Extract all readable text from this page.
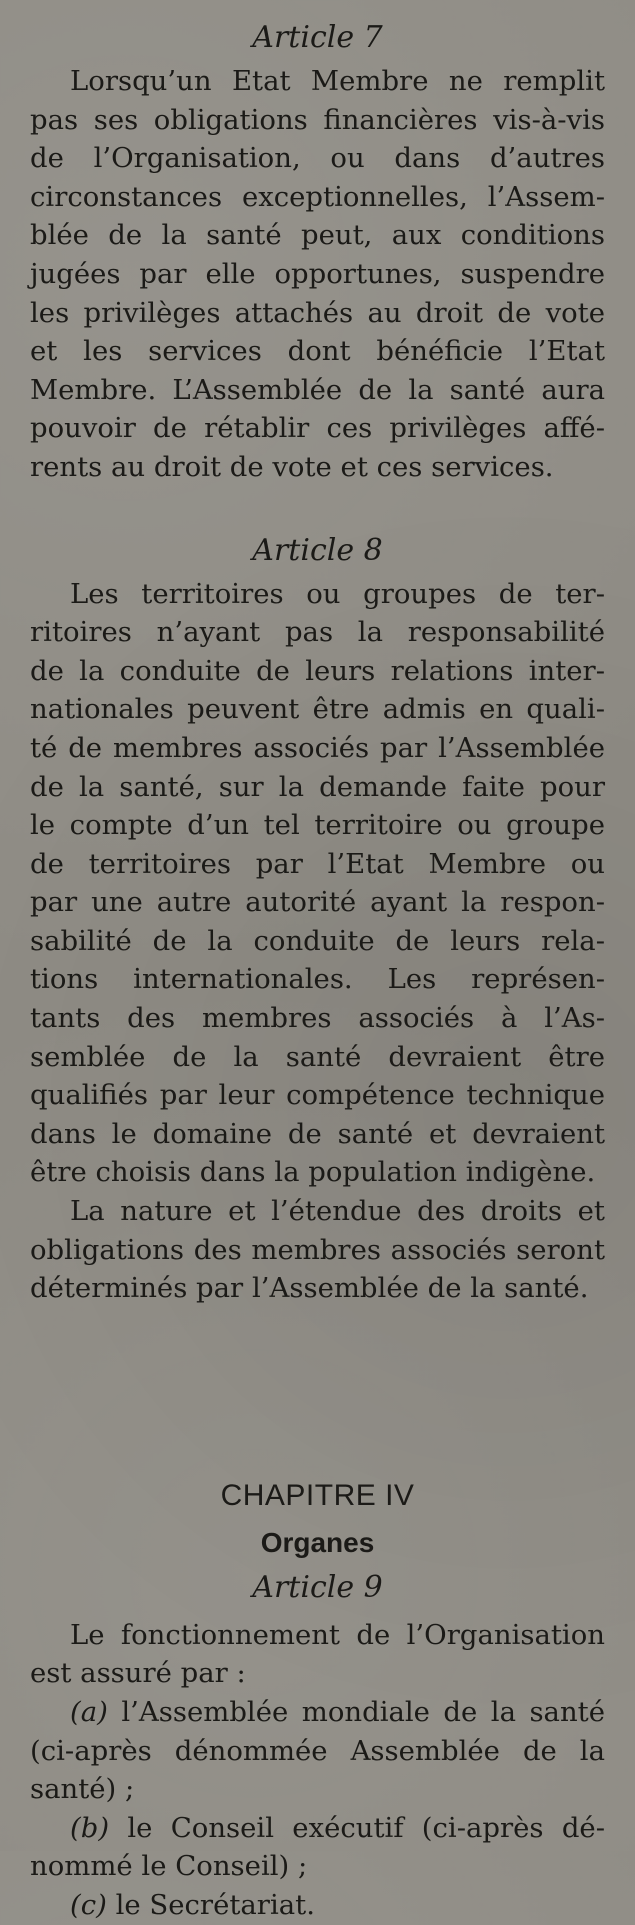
Article 7

Lorsqu’un Etat Membre ne remplit
pas ses obligations financières vis-à-vis
de l’Organisation, ou dans d’autres
circonstances exceptionnelles, l’Assem-
blée de la santé peut, aux conditions
jugées par elle opportunes, suspendre
les privilèges attachés au droit de vote
et les services dont bénéficie l’Etat
Membre. L’Assemblée de la santé aura
pouvoir de rétablir ces privilèges affé-
rents au droit de vote et ces services.

Article 8

Les territoires ou groupes de ter-
ritoires n’ayant pas la responsabilité
de la conduite de leurs relations inter-
nationales peuvent être admis en quali-
té de membres associés par l’Assemblée
de la santé, sur la demande faite pour
le compte d’un tel territoire ou groupe
de territoires par l’Etat Membre ou
par une autre autorité ayant la respon-
sabilité de la conduite de leurs rela-
tions internationales. Les représen-
tants des membres associés à l’As-
semblée de la santé devraient être
qualifiés par leur compétence technique
dans le domaine de santé et devraient
être choisis dans la population indigène.

La nature et l’étendue des droits et
obligations des membres associés seront
déterminés par l’Assemblée de la santé.

CHAPITRE IV
Organes
Article 9

Le fonctionnement de l’Organisation
est assuré par :

(a) l’Assemblée mondiale de la santé
(ci-après dénommée Assemblée de la
santé) ;
(b) le Conseil exécutif (ci-après dé-
nommé le Conseil) ;
(c) le Secrétariat.
